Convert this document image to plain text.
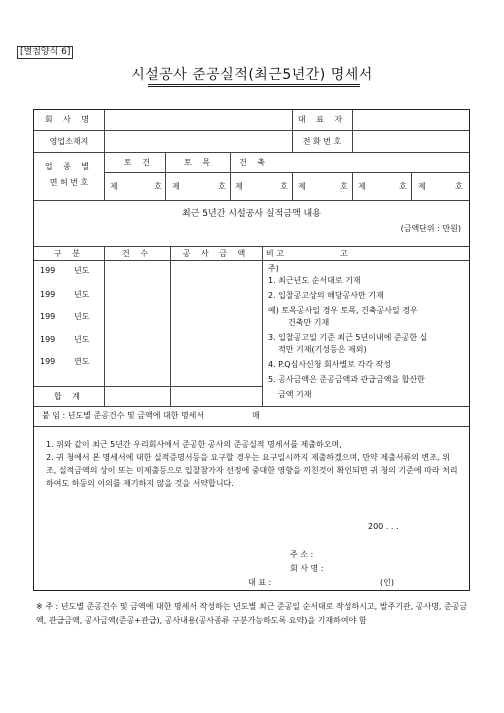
[별첨양식 6]
시설공사 준공실적(최근5년간) 명세서
회 사 명	대 표 자
영업소재지	전 화 번 호
업 종 별
면 허 번 호
토 건	토 목	건 축
제	호 제	호 제	호 제	호 제	호 제	호
최근 5년간 시설공사 실적금액 내용
(금액단위 : 만원)
구 분	건 수	공 사 금 액	비 고	고
199 년도
199 년도
199 년도
199 년도
199 연도
합 계
주)
1. 최근년도 순서대로 기재
2. 입찰공고상의 해당공사만 기재
예) 토목공사일 경우 토목, 건축공사일 경우
건축만 기재
3. 입찰공고일 기준 최근 5년이내에 준공한 실
적만 기재(기성등은 제외)
4. P.Q심사신청 회사별로 각각 작성
5. 공사금액은 준공금액과 관급금액을 합산한
금액 기재
붙 임 : 년도별 준공건수 및 금액에 대한 명세서	매
1. 위와 같이 최근 5년간 우리회사에서 준공한 공사의 준공실적 명세서를 제출하오며,
2. 귀 청에서 본 명세서에 대한 실적증명서등을 요구할 경우는 요구일시까지 제출하겠으며, 만약 제출서류의 변조, 위조, 실적금액의 상이 또는 미제출등으로 입찰참가자 선정에 중대한 영향을 끼친것이 확인되면 귀 청의 기준에 따라 처리하여도 하등의 이의를 제기하지 않을 것을 서약합니다.
200 . . .
주 소 :
회 사 명 :
대 표 :	(인)
※ 주 : 년도별 준공건수 및 금액에 대한 명세서 작성하는 년도별 최근 준공일 순서대로 작성하시고, 발주기관, 공사명, 준공금액, 관급금액, 공사금액(준공+관급), 공사내용(공사종류 구분가능하도록 요약)을 기재하여야 함
